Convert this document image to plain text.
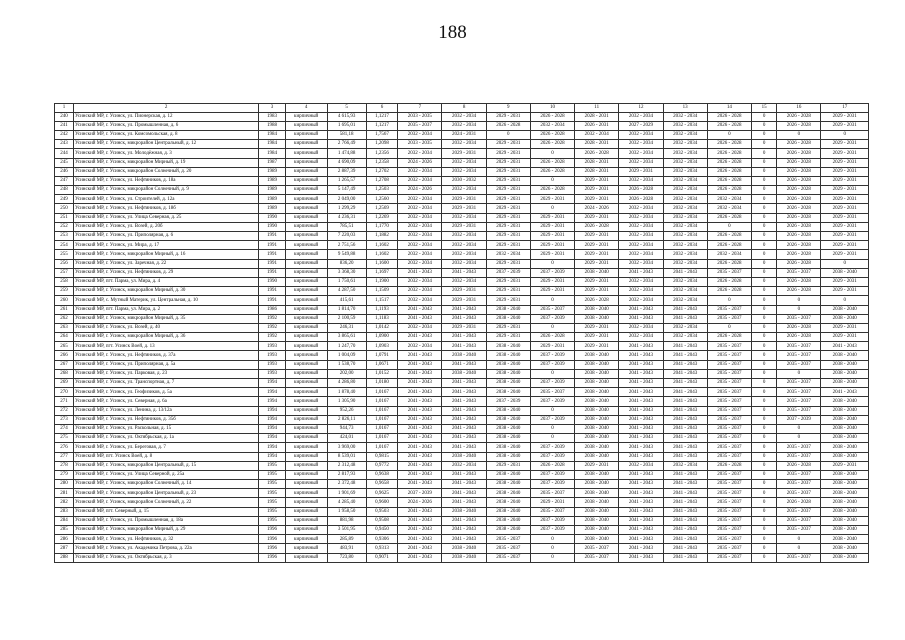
188
1	2	3	4	5	6	7	8	9	10	11	12	13	14	15	16	17
240	Усинский МР, г. Усинск, ул. Пионерская, д. 12	1983	кирпичный	4 615,93	1,1217	2033 - 2035	2032 - 2034	2029 - 2031	2026 - 2028	2028 - 2031	2032 - 2034	2032 - 2034	2026 - 2028	0	2026 - 2028	2029 - 2031
241	Усинский МР, г. Усинск, ул. Промышленная, д. 6	1988	кирпичный	1 695,01	1,1217	2035 - 2037	2032 - 2034	2026 - 2028	2032 - 2034	2026 - 2031	2027 - 2029	2032 - 2034	2026 - 2028	0	2026 - 2028	2029 - 2031
242	Усинский МР, г. Усинск, ул. Комсомольская, д. 8	1984	кирпичный	581,18	1,7567	2032 - 2034	2024 - 2031	0	2026 - 2028	2032 - 2034	2032 - 2034	2032 - 2034	0	0	0	0
243	Усинский МР, г. Усинск, микрорайон Центральный, д. 12	1984	кирпичный	2 766,49	1,2098	2033 - 2035	2032 - 2034	2029 - 2031	2026 - 2028	2028 - 2031	2032 - 2034	2032 - 2034	2026 - 2028	0	2026 - 2028	2029 - 2031
244	Усинский МР, г. Усинск, ул. Молодёжная, д. 3	1984	кирпичный	1 474,88	1,2356	2032 - 2034	2029 - 2031	2029 - 2031	0	2026 - 2028	2032 - 2034	2032 - 2034	2026 - 2028	0	2026 - 2028	2029 - 2031
245	Усинский МР, г. Усинск, микрорайон Мирный, д. 19	1987	кирпичный	4 690,09	1,2358	2024 - 2026	2032 - 2034	2029 - 2031	2026 - 2028	2028 - 2031	2032 - 2034	2032 - 2034	2026 - 2028	0	2026 - 2028	2029 - 2031
246	Усинский МР, г. Усинск, микрорайон Солнечный, д. 20	1989	кирпичный	2 887,39	1,2702	2032 - 2034	2032 - 2034	2029 - 2031	2026 - 2028	2028 - 2031	2029 - 2031	2032 - 2034	2026 - 2028	0	2026 - 2028	2029 - 2031
247	Усинский МР, г. Усинск, ул. Нефтяников, д. 18а	1989	кирпичный	1 265,57	1,2708	2032 - 2034	2030 - 2032	2029 - 2031	0	2029 - 2031	2032 - 2034	2032 - 2034	2026 - 2028	0	2026 - 2028	2029 - 2031
248	Усинский МР, г. Усинск, микрорайон Солнечный, д. 9	1989	кирпичный	5 147,49	1,2503	2024 - 2026	2032 - 2034	2029 - 2031	2026 - 2028	2029 - 2031	2026 - 2028	2032 - 2034	2026 - 2028	0	2026 - 2028	2029 - 2031
249	Усинский МР, г. Усинск, ул. Строителей, д. 12а	1989	кирпичный	2 049,00	1,2560	2032 - 2034	2029 - 2031	2029 - 2031	2029 - 2031	2029 - 2031	2026 - 2028	2032 - 2034	2032 - 2034	0	2026 - 2028	2029 - 2031
250	Усинский МР, г. Усинск, ул. Нефтяников, д. 18б	1989	кирпичный	1 299,29	1,2569	2032 - 2034	2029 - 2031	2029 - 2031	0	2024 - 2026	2032 - 2034	2032 - 2034	2032 - 2034	0	2026 - 2028	2029 - 2031
251	Усинский МР, г. Усинск, ул. Улица Северная, д. 25	1990	кирпичный	4 236,31	1,2269	2032 - 2034	2032 - 2034	2029 - 2031	2029 - 2031	2029 - 2031	2032 - 2034	2032 - 2034	2026 - 2028	0	2026 - 2028	2029 - 2031
252	Усинский МР, г. Усинск, ул. Возей, д. 20б	1990	кирпичный	785,51	1,1770	2032 - 2034	2029 - 2031	2029 - 2031	2029 - 2031	2026 - 2028	2032 - 2034	2032 - 2034	0	0	2026 - 2028	2029 - 2031
253	Усинский МР, г. Усинск, ул. Приполярная, д. 6	1991	кирпичный	7 220,03	1,1882	2032 - 2034	2032 - 2034	2029 - 2031	2029 - 2031	2029 - 2031	2032 - 2034	2032 - 2034	2026 - 2028	0	2026 - 2028	2029 - 2031
254	Усинский МР, г. Усинск, ул. Мира, д. 17	1991	кирпичный	2 751,56	1,1602	2032 - 2034	2032 - 2034	2029 - 2031	2029 - 2031	2029 - 2031	2032 - 2034	2032 - 2034	2026 - 2028	0	2026 - 2028	2029 - 2031
255	Усинский МР, г. Усинск, микрорайон Мирный, д. 16	1991	кирпичный	9 549,88	1,1602	2032 - 2034	2032 - 2034	2032 - 2034	2029 - 2031	2029 - 2031	2032 - 2034	2032 - 2034	2032 - 2034	0	2026 - 2028	2029 - 2031
256	Усинский МР, г. Усинск, ул. Заречная, д. 22	1991	кирпичный	836,20	1,1600	2032 - 2034	2032 - 2034	2029 - 2031	0	2029 - 2031	2032 - 2034	2032 - 2034	2026 - 2028	0	2026 - 2028	0
257	Усинский МР, г. Усинск, ул. Нефтяников, д. 29	1991	кирпичный	3 368,30	1,1697	2041 - 2043	2041 - 2043	2037 - 2039	2037 - 2039	2038 - 2040	2041 - 2043	2041 - 2043	2035 - 2037	0	2035 - 2037	2038 - 2040
258	Усинский МР, пгт. Парма, ул. Мира, д. 4	1990	кирпичный	1 750,61	1,1900	2032 - 2034	2032 - 2034	2029 - 2031	2029 - 2031	2029 - 2031	2032 - 2034	2032 - 2034	2026 - 2028	0	2026 - 2028	2029 - 2031
259	Усинский МР, г. Усинск, микрорайон Мирный, д. 30	1991	кирпичный	4 287,50	1,1509	2032 - 2034	2029 - 2031	2029 - 2031	2029 - 2031	2029 - 2031	2032 - 2034	2032 - 2034	2026 - 2028	0	2026 - 2028	2029 - 2031
260	Усинский МР, с. Мутный Материк, ул. Центральная, д. 10	1991	кирпичный	415,61	1,1517	2032 - 2034	2029 - 2031	2029 - 2031	0	2026 - 2028	2032 - 2034	2032 - 2034	0	0	0	0
261	Усинский МР, пгт. Парма, ул. Мира, д. 2	1986	кирпичный	1 814,70	1,1193	2041 - 2043	2041 - 2043	2038 - 2040	2035 - 2037	2038 - 2040	2041 - 2043	2041 - 2043	2035 - 2037	0	0	2038 - 2040
262	Усинский МР, г. Усинск, микрорайон Мирный, д. 35	1992	кирпичный	2 100,59	1,1183	2041 - 2043	2041 - 2043	2038 - 2040	2037 - 2039	2038 - 2040	2041 - 2043	2041 - 2043	2035 - 2037	0	2035 - 2037	2038 - 2040
263	Усинский МР, г. Усинск, ул. Возей, д. 40	1992	кирпичный	246,31	1,0142	2032 - 2034	2029 - 2031	2029 - 2031	0	2029 - 2031	2032 - 2034	2032 - 2034	0	0	2026 - 2028	2029 - 2031
264	Усинский МР, г. Усинск, микрорайон Мирный, д. 36	1992	кирпичный	3 865,61	1,0900	2041 - 2043	2041 - 2043	2029 - 2031	2026 - 2028	2029 - 2031	2032 - 2034	2032 - 2034	2026 - 2028	0	2026 - 2028	2029 - 2031
265	Усинский МР, пгт. Усинск Воей, д. 13	1993	кирпичный	1 247,70	1,0903	2032 - 2034	2041 - 2043	2038 - 2040	2029 - 2031	2029 - 2031	2041 - 2043	2041 - 2043	2035 - 2037	0	2035 - 2037	2041 - 2043
266	Усинский МР, г. Усинск, ул. Нефтяников, д. 37а	1993	кирпичный	1 004,09	1,0791	2041 - 2043	2038 - 2040	2038 - 2040	2037 - 2039	2038 - 2040	2041 - 2043	2041 - 2043	2035 - 2037	0	2035 - 2037	2038 - 2040
267	Усинский МР, г. Усинск, ул. Приполярная, д. 5а	1993	кирпичный	1 538,70	1,0671	2041 - 2043	2041 - 2043	2038 - 2040	2037 - 2039	2038 - 2040	2041 - 2043	2041 - 2043	2035 - 2037	0	2035 - 2037	2038 - 2040
268	Усинский МР, г. Усинск, ул. Парковая, д. 23	1993	кирпичный	202,00	1,0152	2041 - 2043	2038 - 2040	2038 - 2040	0	2038 - 2040	2041 - 2043	2041 - 2043	2035 - 2037	0	0	2038 - 2040
269	Усинский МР, г. Усинск, ул. Транспортная, д. 7	1994	кирпичный	4 286,80	1,0180	2041 - 2043	2041 - 2043	2038 - 2040	2037 - 2039	2038 - 2040	2041 - 2043	2041 - 2043	2035 - 2037	0	2035 - 2037	2038 - 2040
270	Усинский МР, г. Усинск, ул. Геофизиков, д. 5а	1994	кирпичный	1 878,40	1,0167	2041 - 2043	2041 - 2043	2038 - 2040	2035 - 2037	2038 - 2040	2041 - 2043	2041 - 2043	2035 - 2037	0	2035 - 2037	2041 - 2043
271	Усинский МР, г. Усинск, ул. Северная, д. 6а	1994	кирпичный	1 305,90	1,0167	2041 - 2043	2041 - 2043	2037 - 2039	2037 - 2039	2038 - 2040	2041 - 2043	2041 - 2043	2035 - 2037	0	2035 - 2037	2038 - 2040
272	Усинский МР, г. Усинск, ул. Ленина, д. 13/12а	1994	кирпичный	952,26	1,0167	2041 - 2043	2041 - 2043	2038 - 2040	0	2038 - 2040	2041 - 2043	2041 - 2043	2035 - 2037	0	2035 - 2037	2038 - 2040
273	Усинский МР, г. Усинск, ул. Нефтяников, д. 35б	1994	кирпичный	2 826,11	1,0167	2041 - 2043	2041 - 2043	2038 - 2040	2037 - 2039	2038 - 2040	2041 - 2043	2041 - 2043	2035 - 2037	0	2037 - 2039	2038 - 2040
274	Усинский МР, г. Усинск, ул. Раскольная, д. 15	1994	кирпичный	944,73	1,0167	2041 - 2043	2041 - 2043	2038 - 2040	0	2038 - 2040	2041 - 2043	2041 - 2043	2035 - 2037	0	0	2038 - 2040
275	Усинский МР, г. Усинск, ул. Октябрьская, д. 1а	1994	кирпичный	424,01	1,0167	2041 - 2043	2041 - 2043	2038 - 2040	0	2038 - 2040	2041 - 2043	2041 - 2043	2035 - 2037	0	0	2038 - 2040
276	Усинский МР, г. Усинск, ул. Береговая, д. 7	1994	кирпичный	3 969,00	1,0167	2041 - 2043	2041 - 2043	2038 - 2040	2037 - 2039	2038 - 2040	2041 - 2043	2041 - 2043	2035 - 2037	0	2035 - 2037	2038 - 2040
277	Усинский МР, пгт. Усинск Воей, д. 8	1994	кирпичный	8 539,01	0,9815	2041 - 2043	2038 - 2040	2038 - 2040	2037 - 2039	2038 - 2040	2041 - 2043	2041 - 2043	2035 - 2037	0	2035 - 2037	2038 - 2040
278	Усинский МР, г. Усинск, микрорайон Центральный, д. 15	1995	кирпичный	2 312,48	0,9772	2041 - 2043	2032 - 2034	2029 - 2031	2026 - 2028	2029 - 2031	2032 - 2034	2032 - 2034	2026 - 2028	0	2026 - 2028	2029 - 2031
279	Усинский МР, г. Усинск, ул. Улица Северной, д. 25а	1995	кирпичный	2 817,93	0,9638	2041 - 2043	2041 - 2043	2038 - 2040	2037 - 2039	2038 - 2040	2041 - 2043	2041 - 2043	2035 - 2037	0	2035 - 2037	2038 - 2040
280	Усинский МР, г. Усинск, микрорайон Солнечный, д. 14	1995	кирпичный	2 372,48	0,9658	2041 - 2043	2041 - 2043	2038 - 2040	2037 - 2039	2038 - 2040	2041 - 2043	2041 - 2043	2035 - 2037	0	2035 - 2037	2038 - 2040
281	Усинский МР, г. Усинск, микрорайон Центральный, д. 23	1995	кирпичный	1 901,69	0,9625	2037 - 2039	2041 - 2043	2038 - 2040	2035 - 2037	2038 - 2040	2041 - 2043	2041 - 2043	2035 - 2037	0	2035 - 2037	2038 - 2040
282	Усинский МР, г. Усинск, микрорайон Солнечный, д. 22	1995	кирпичный	4 285,40	0,9600	2024 - 2026	2041 - 2043	2038 - 2040	2029 - 2031	2038 - 2040	2041 - 2043	2041 - 2043	2035 - 2037	0	2026 - 2028	2038 - 2040
283	Усинский МР, пгт. Северный, д. 15	1995	кирпичный	1 958,50	0,9503	2041 - 2043	2038 - 2040	2038 - 2040	2035 - 2037	2038 - 2040	2041 - 2043	2041 - 2043	2035 - 2037	0	2035 - 2037	2038 - 2040
284	Усинский МР, г. Усинск, ул. Промышленная, д. 18а	1995	кирпичный	881,98	0,9508	2041 - 2043	2041 - 2043	2038 - 2040	2037 - 2039	2038 - 2040	2041 - 2043	2041 - 2043	2035 - 2037	0	2035 - 2037	2038 - 2040
285	Усинский МР, г. Усинск, микрорайон Мирный, д. 29	1996	кирпичный	3 501,95	0,9450	2041 - 2043	2041 - 2043	2038 - 2040	2037 - 2039	2038 - 2040	2041 - 2043	2041 - 2043	2035 - 2037	0	2035 - 2037	2038 - 2040
286	Усинский МР, г. Усинск, ул. Нефтяников, д. 32	1996	кирпичный	285,89	0,9306	2041 - 2043	2041 - 2043	2035 - 2037	0	2038 - 2040	2041 - 2043	2041 - 2043	2035 - 2037	0	0	2038 - 2040
287	Усинский МР, г. Усинск, ул. Академика Петрова, д. 22а	1996	кирпичный	483,91	0,9313	2041 - 2043	2038 - 2040	2035 - 2037	0	2035 - 2037	2041 - 2043	2041 - 2043	2035 - 2037	0	0	2038 - 2040
288	Усинский МР, г. Усинск, ул. Октябрьская, д. 3	1996	кирпичный	723,80	0,9071	2041 - 2043	2038 - 2040	2035 - 2037	0	2035 - 2037	2041 - 2043	2041 - 2043	2035 - 2037	0	2035 - 2037	2038 - 2040
